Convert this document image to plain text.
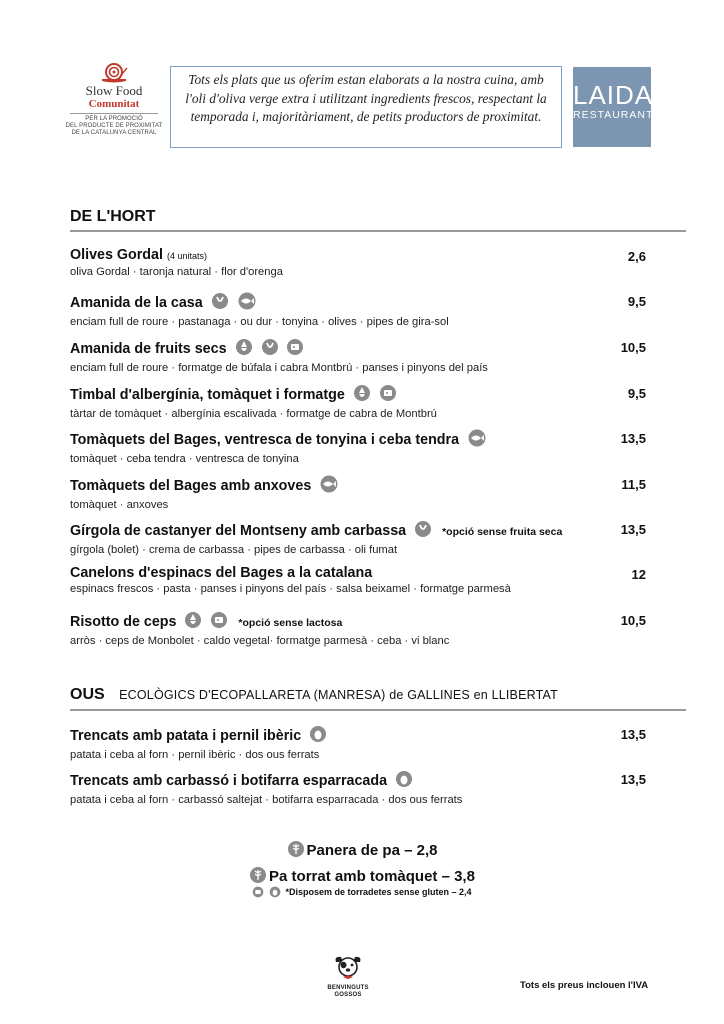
Slow Food
Comunitat
PER LA PROMOCIÓ
DEL PRODUCTE DE PROXIMITAT
DE LA CATALUNYA CENTRAL
Tots els plats que us oferim estan elaborats a la nostra cuina, amb l'oli d'oliva verge extra i utilitzant ingredients frescos, respectant la temporada i, majoritàriament, de petits productors de proximitat.
LAIDA
RESTAURANT
DE L'HORT
Olives Gordal (4 unitats)
oliva Gordal · taronja natural · flor d'orenga
2,6
Amanida de la casa
enciam full de roure · pastanaga · ou dur · tonyina · olives · pipes de gira-sol
9,5
Amanida de fruits secs
enciam full de roure · formatge de búfala i cabra Montbrú · panses i pinyons del país
10,5
Timbal d'albergínia, tomàquet i formatge
tàrtar de tomàquet · albergínia escalivada · formatge de cabra de Montbrú
9,5
Tomàquets del Bages, ventresca de tonyina i ceba tendra
tomàquet · ceba tendra · ventresca de tonyina
13,5
Tomàquets del Bages amb anxoves
tomàquet · anxoves
11,5
Gírgola de castanyer del Montseny amb carbassa	*opció sense fruita seca
gírgola (bolet) · crema de carbassa · pipes de carbassa · oli fumat
13,5
Canelons d'espinacs del Bages a la catalana
espinacs frescos · pasta · panses i pinyons del país · salsa beixamel · formatge parmesà
12
Risotto de ceps	*opció sense lactosa
arròs · ceps de Monbolet · caldo vegetal· formatge parmesà · ceba · vi blanc
10,5
OUS ECOLÒGICS D'ECOPALLARETA (MANRESA) de GALLINES en LLIBERTAT
Trencats amb patata i pernil ibèric
patata i ceba al forn · pernil ibèric · dos ous ferrats
13,5
Trencats amb carbassó i botifarra esparracada
patata i ceba al forn · carbassó saltejat · botifarra esparracada · dos ous ferrats
13,5
Panera de pa – 2,8
Pa torrat amb tomàquet – 3,8
*Disposem de torradetes sense gluten – 2,4
BENVINGUTS
GOSSOS
Tots els preus inclouen l'IVA
